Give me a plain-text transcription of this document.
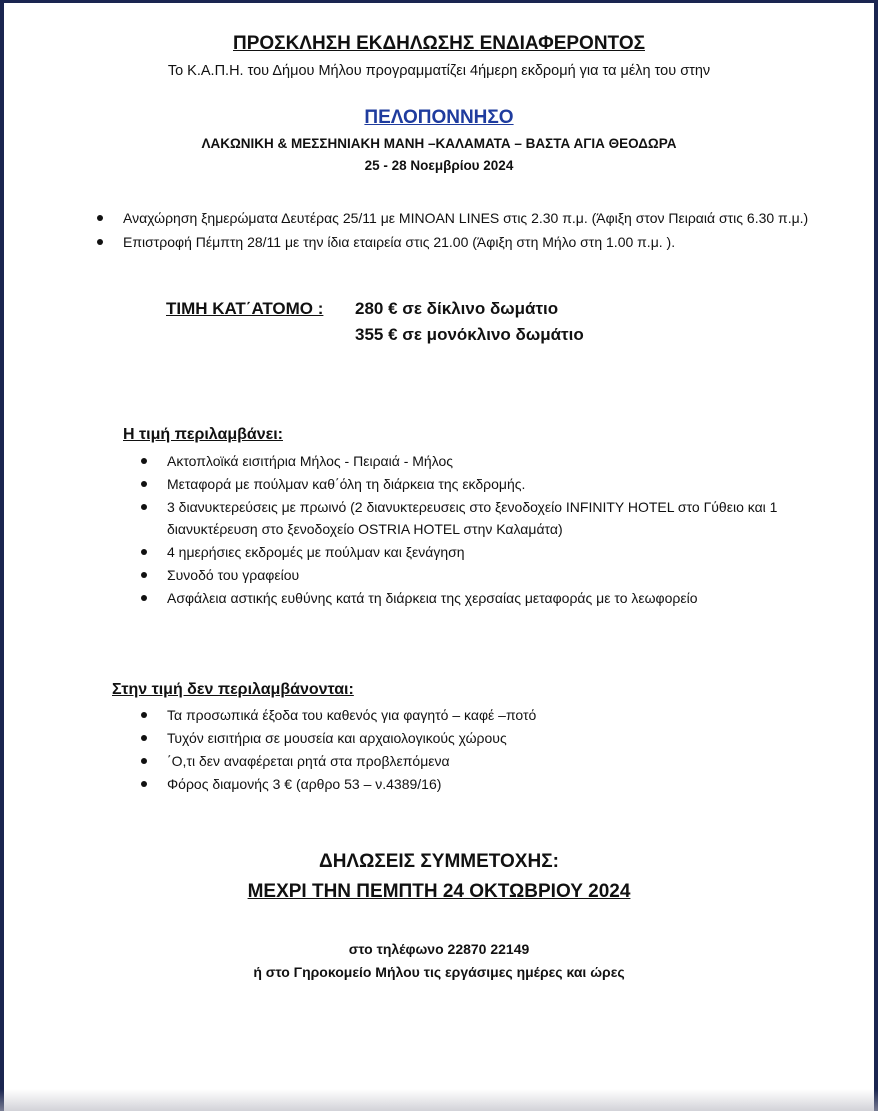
ΠΡΟΣΚΛΗΣΗ ΕΚΔΗΛΩΣΗΣ ΕΝΔΙΑΦΕΡΟΝΤΟΣ
Το Κ.Α.Π.Η. του Δήμου Μήλου προγραμματίζει 4ήμερη εκδρομή για τα μέλη του στην
ΠΕΛΟΠΟΝΝΗΣΟ
ΛΑΚΩΝΙΚΗ & ΜΕΣΣΗΝΙΑΚΗ ΜΑΝΗ –ΚΑΛΑΜΑΤΑ – ΒΑΣΤΑ ΑΓΙΑ ΘΕΟΔΩΡΑ
25 - 28 Νοεμβρίου 2024
Αναχώρηση ξημερώματα Δευτέρας 25/11 με MINOAN LINES στις 2.30 π.μ. (Άφιξη στον Πειραιά στις 6.30 π.μ.)
Επιστροφή Πέμπτη 28/11 με την ίδια εταιρεία στις 21.00 (Άφιξη στη Μήλο στη 1.00 π.μ. ).
ΤΙΜΗ ΚΑΤ΄ΑΤΟΜΟ : 280 € σε δίκλινο δωμάτιο
355 € σε μονόκλινο δωμάτιο
Η τιμή περιλαμβάνει:
Ακτοπλοϊκά εισιτήρια Μήλος - Πειραιά - Μήλος
Μεταφορά με πούλμαν καθ΄όλη τη διάρκεια της εκδρομής.
3 διανυκτερεύσεις με πρωινό (2 διανυκτερευσεις στο ξενοδοχείο INFINITY HOTEL στο Γύθειο και 1 διανυκτέρευση στο ξενοδοχείο OSTRIA HOTEL στην Καλαμάτα)
4 ημερήσιες εκδρομές με πούλμαν και ξενάγηση
Συνοδό του γραφείου
Ασφάλεια αστικής ευθύνης κατά τη διάρκεια της χερσαίας μεταφοράς με το λεωφορείο
Στην τιμή δεν περιλαμβάνονται:
Τα προσωπικά έξοδα του καθενός για φαγητό – καφέ –ποτό
Τυχόν εισιτήρια σε μουσεία και αρχαιολογικούς χώρους
΄Ο,τι δεν αναφέρεται ρητά στα προβλεπόμενα
Φόρος διαμονής 3 € (αρθρο 53 – ν.4389/16)
ΔΗΛΩΣΕΙΣ ΣΥΜΜΕΤΟΧΗΣ:
ΜΕΧΡΙ ΤΗΝ ΠΕΜΠΤΗ 24 ΟΚΤΩΒΡΙΟΥ 2024
στο τηλέφωνο 22870 22149
ή στο Γηροκομείο Μήλου τις εργάσιμες ημέρες και ώρες
